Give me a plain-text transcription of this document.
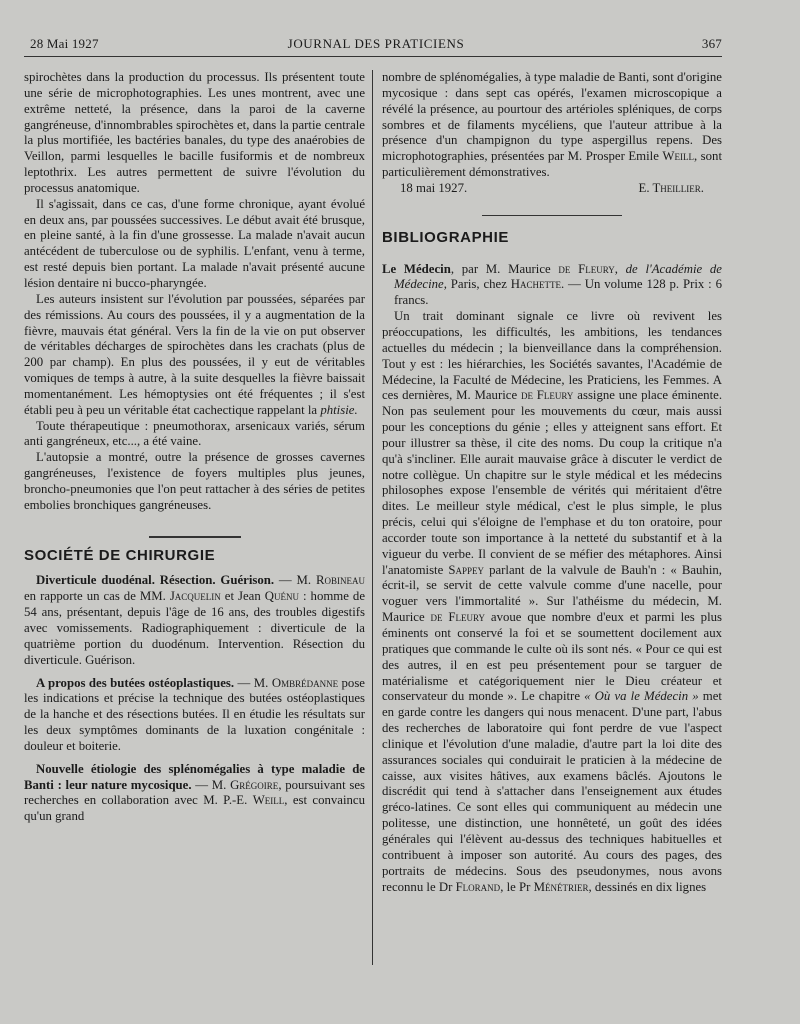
28 Mai 1927	JOURNAL DES PRATICIENS	367

spirochètes dans la production du processus. Ils présentent toute une série de microphotographies. Les unes montrent, avec une extrême netteté, la présence, dans la paroi de la caverne gangréneuse, d'innombrables spirochètes et, dans la partie centrale la plus mortifiée, les bactéries banales, du type des anaérobies de Veillon, parmi lesquelles le bacille fusiformis et de nombreux leptothrix. Les autres permettent de suivre l'évolution du processus anatomique.

Il s'agissait, dans ce cas, d'une forme chronique, ayant évolué en deux ans, par poussées successives. Le début avait été brusque, en pleine santé, à la fin d'une grossesse. La malade n'avait aucun antécédent de tuberculose ou de syphilis. L'enfant, venu à terme, est resté depuis bien portant. La malade n'avait présenté aucune lésion dentaire ni bucco-pharyngée.

Les auteurs insistent sur l'évolution par poussées, séparées par des rémissions. Au cours des poussées, il y a augmentation de la fièvre, mauvais état général. Vers la fin de la vie on put observer de véritables décharges de spirochètes dans les crachats (plus de 200 par champ). En plus des poussées, il y eut de véritables vomiques de temps à autre, à la suite desquelles la fièvre baissait momentanément. Les hémoptysies ont été fréquentes ; il s'est établi peu à peu un véritable état cachectique rappelant la phtisie.

Toute thérapeutique : pneumothorax, arsenicaux variés, sérum anti gangréneux, etc..., a été vaine.

L'autopsie a montré, outre la présence de grosses cavernes gangréneuses, l'existence de foyers multiples plus jeunes, broncho-pneumonies que l'on peut rattacher à des séries de petites embolies bronchiques gangréneuses.

SOCIÉTÉ DE CHIRURGIE

Diverticule duodénal. Résection. Guérison. — M. Robineau en rapporte un cas de MM. Jacquelin et Jean Quénu : homme de 54 ans, présentant, depuis l'âge de 16 ans, des troubles digestifs avec vomissements. Radiographiquement : diverticule de la quatrième portion du duodénum. Intervention. Résection du diverticule. Guérison.

A propos des butées ostéoplastiques. — M. Ombrédanne pose les indications et précise la technique des butées ostéoplastiques de la hanche et des résections butées. Il en étudie les résultats sur les deux symptômes dominants de la luxation congénitale : douleur et boiterie.

Nouvelle étiologie des splénomégalies à type maladie de Banti : leur nature mycosique. — M. Grégoire, poursuivant ses recherches en collaboration avec M. P.-E. Weill, est convaincu qu'un grand

nombre de splénomégalies, à type maladie de Banti, sont d'origine mycosique : dans sept cas opérés, l'examen microscopique a révélé la présence, au pourtour des artérioles spléniques, de corps sombres et de filaments mycéliens, que l'auteur attribue à la présence d'un champignon du type aspergillus repens. Des microphotographies, présentées par M. Prosper Emile Weill, sont particulièrement démonstratives.

18 mai 1927.	E. Theillier.

BIBLIOGRAPHIE

Le Médecin, par M. Maurice de Fleury, de l'Académie de Médecine, Paris, chez Hachette. — Un volume 128 p. Prix : 6 francs.

Un trait dominant signale ce livre où revivent les préoccupations, les difficultés, les ambitions, les tendances actuelles du médecin ; la bienveillance dans la compréhension. Tout y est : les hiérarchies, les Sociétés savantes, l'Académie de Médecine, la Faculté de Médecine, les Praticiens, les Femmes. A ces dernières, M. Maurice de Fleury assigne une place éminente. Non pas seulement pour les mouvements du cœur, mais aussi pour les conceptions du génie ; elles y atteignent sans effort. Et pour illustrer sa thèse, il cite des noms. Du coup la critique n'a qu'à s'incliner. Elle aurait mauvaise grâce à discuter le verdict de notre collègue. Un chapitre sur le style médical et les médecins philosophes expose l'ensemble de vérités qui méritaient d'être dites. Le meilleur style médical, c'est le plus simple, le plus précis, celui qui s'éloigne de l'emphase et du ton oratoire, pour accorder toute son importance à la netteté du substantif et à la vigueur du verbe. Il convient de se méfier des métaphores. Ainsi l'anatomiste Sappey parlant de la valvule de Bauh'n : « Bauhin, écrit-il, se servit de cette valvule comme d'une nacelle, pour voguer vers l'immortalité ». Sur l'athéisme du médecin, M. Maurice de Fleury avoue que nombre d'eux et parmi les plus éminents ont conservé la foi et se soumettent docilement aux pratiques que commande le culte où ils sont nés. « Pour ce qui est des autres, il en est peu présentement pour se targuer de matérialisme et catégoriquement nier le Dieu créateur et conservateur du monde ». Le chapitre « Où va le Médecin » met en garde contre les dangers qui nous menacent. D'une part, l'abus des recherches de laboratoire qui font perdre de vue l'aspect clinique et l'évolution d'une maladie, d'autre part la loi dite des assurances sociales qui conduirait le praticien à la médecine de caisse, aux visites hâtives, aux examens bâclés. Ajoutons le discrédit qui tend à s'attacher dans l'enseignement aux études gréco-latines. Ce sont elles qui communiquent au médecin une politesse, une distinction, une honnêteté, un goût des idées générales qui l'élèvent au-dessus des techniques habituelles et contribuent à imposer son autorité. Au cours des pages, des portraits de médecins. Sous des pseudonymes, nous avons reconnu le Dr Florand, le Pr Ménétrier, dessinés en dix lignes
